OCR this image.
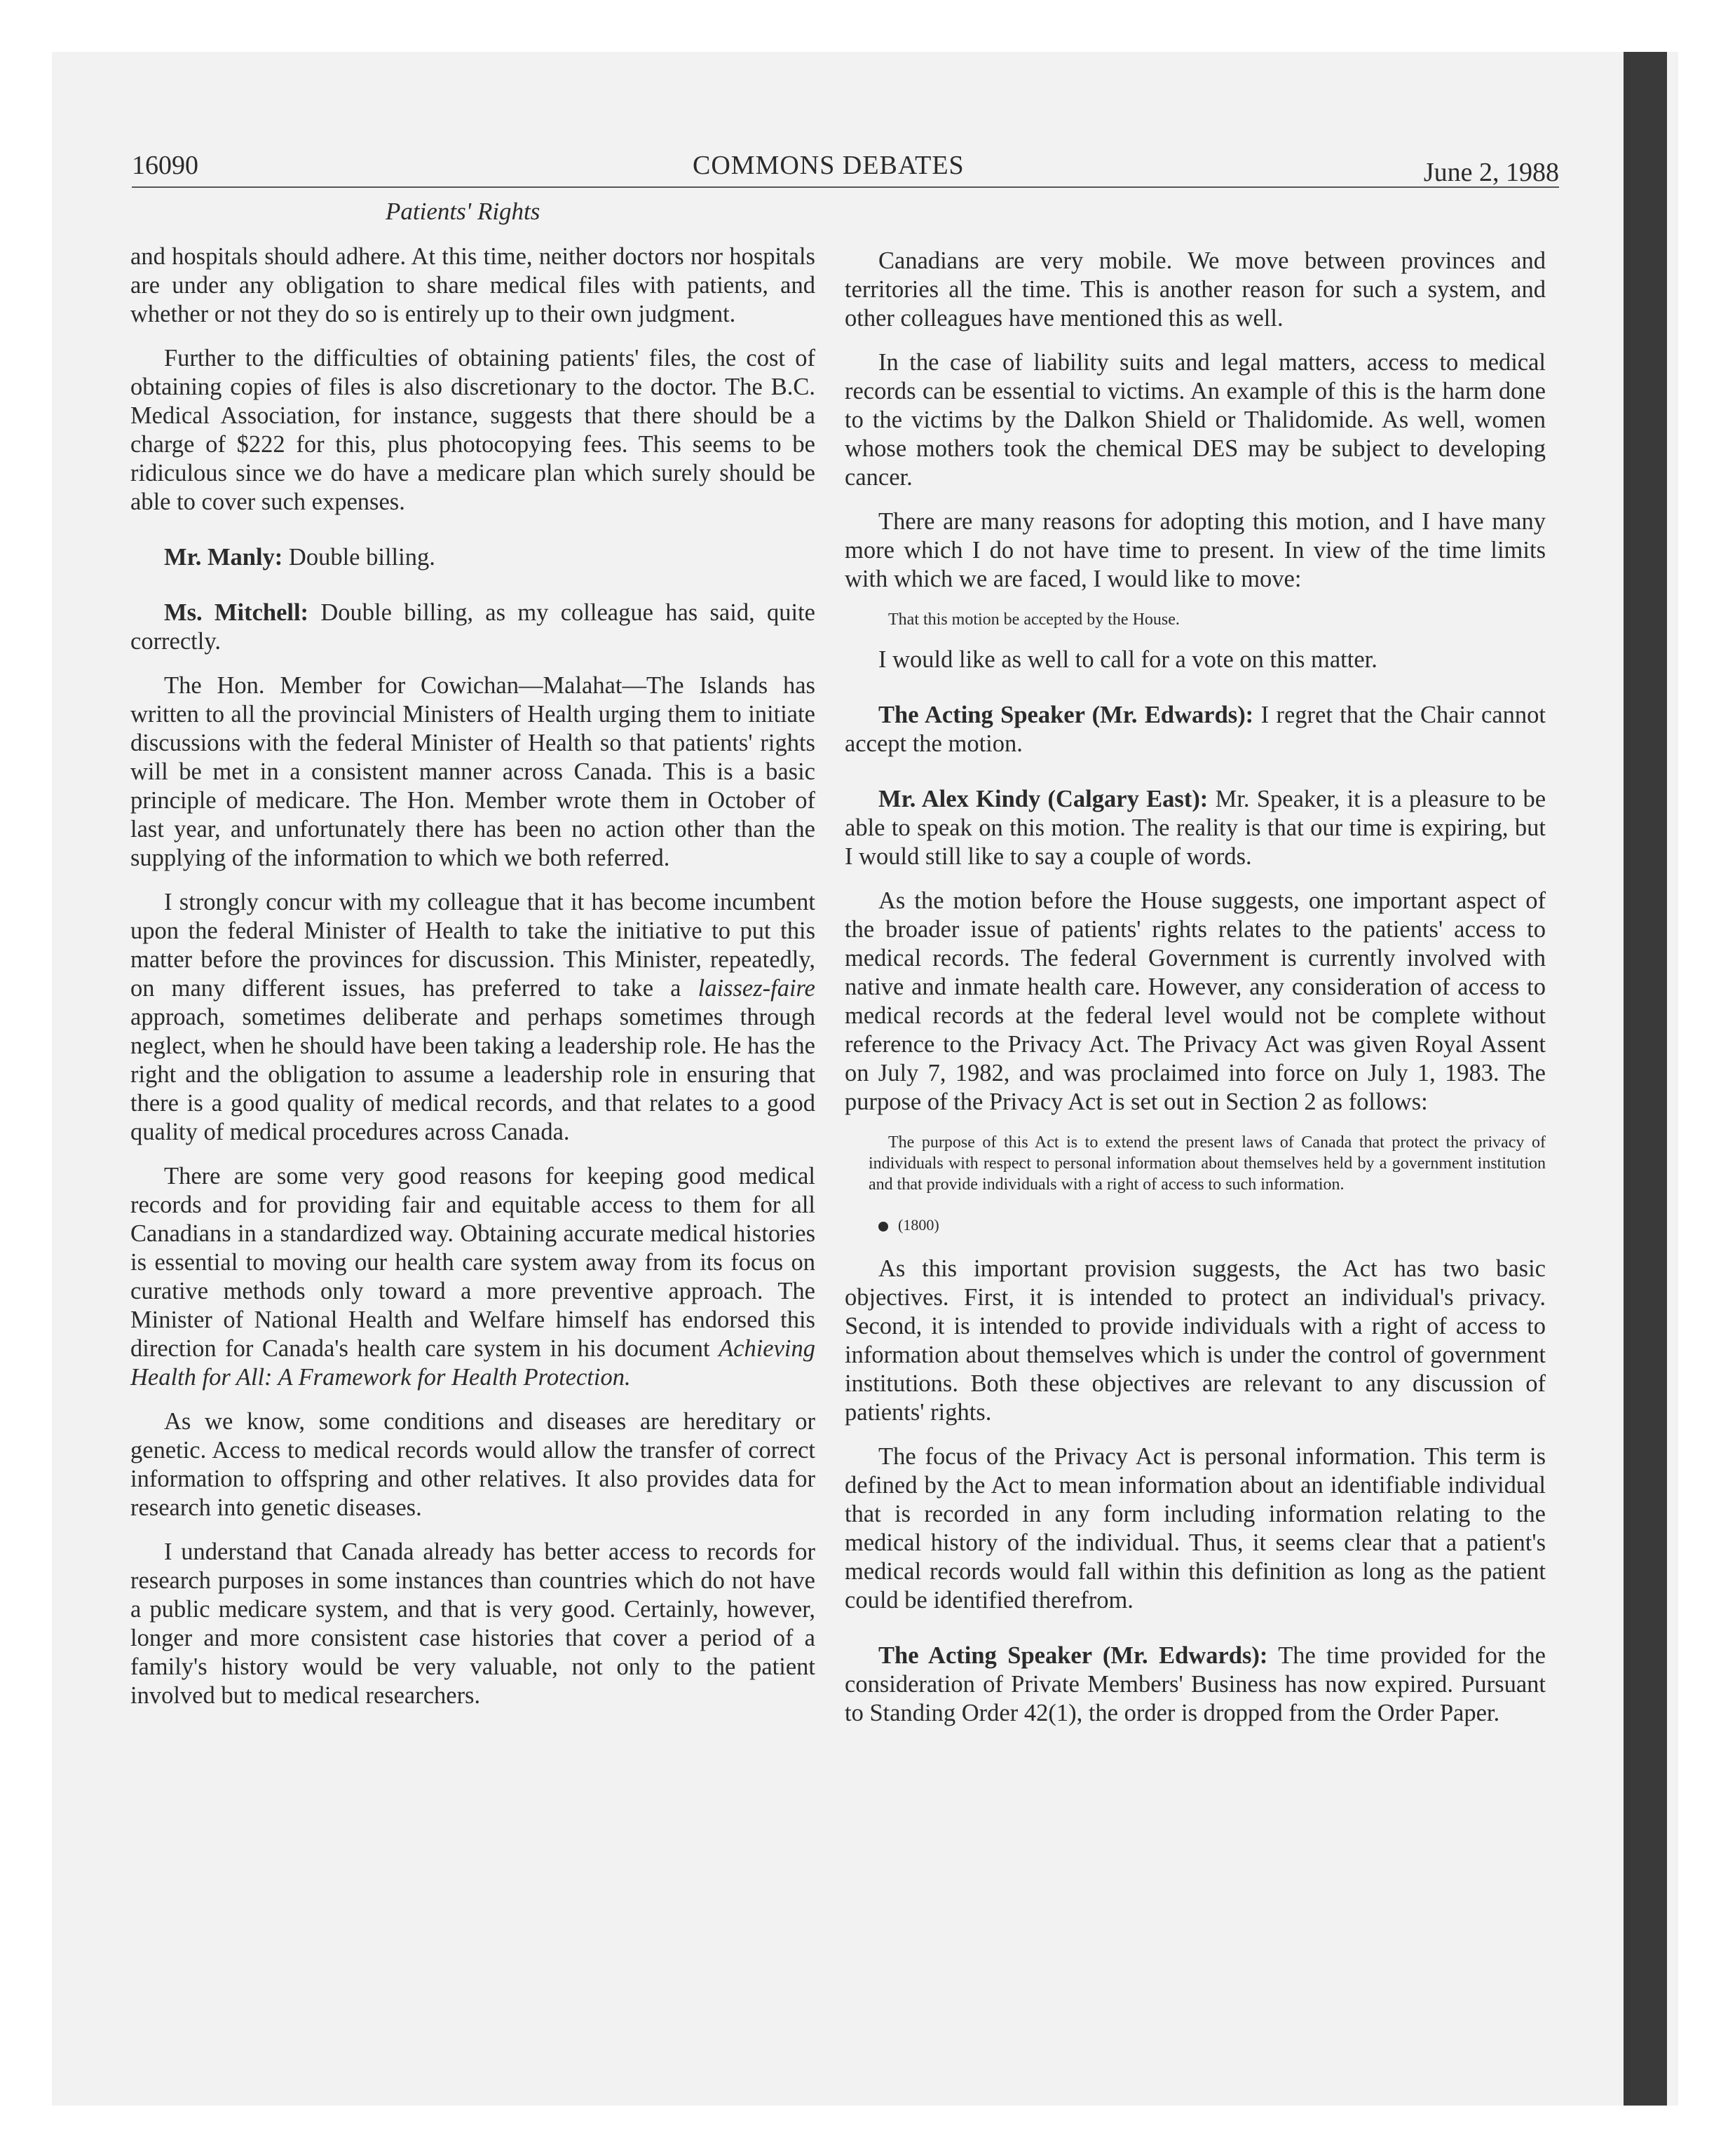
16090	COMMONS DEBATES	June 2, 1988
Patients' Rights

and hospitals should adhere. At this time, neither doctors nor hospitals are under any obligation to share medical files with patients, and whether or not they do so is entirely up to their own judgment.

Further to the difficulties of obtaining patients' files, the cost of obtaining copies of files is also discretionary to the doctor. The B.C. Medical Association, for instance, suggests that there should be a charge of $222 for this, plus photocopying fees. This seems to be ridiculous since we do have a medicare plan which surely should be able to cover such expenses.

Mr. Manly: Double billing.

Ms. Mitchell: Double billing, as my colleague has said, quite correctly.

The Hon. Member for Cowichan—Malahat—The Islands has written to all the provincial Ministers of Health urging them to initiate discussions with the federal Minister of Health so that patients' rights will be met in a consistent manner across Canada. This is a basic principle of medicare. The Hon. Member wrote them in October of last year, and unfortunately there has been no action other than the supplying of the information to which we both referred.

I strongly concur with my colleague that it has become incumbent upon the federal Minister of Health to take the initiative to put this matter before the provinces for discussion. This Minister, repeatedly, on many different issues, has preferred to take a laissez-faire approach, sometimes deliberate and perhaps sometimes through neglect, when he should have been taking a leadership role. He has the right and the obligation to assume a leadership role in ensuring that there is a good quality of medical records, and that relates to a good quality of medical procedures across Canada.

There are some very good reasons for keeping good medical records and for providing fair and equitable access to them for all Canadians in a standardized way. Obtaining accurate medical histories is essential to moving our health care system away from its focus on curative methods only toward a more preventive approach. The Minister of National Health and Welfare himself has endorsed this direction for Canada's health care system in his document Achieving Health for All: A Framework for Health Protection.

As we know, some conditions and diseases are hereditary or genetic. Access to medical records would allow the transfer of correct information to offspring and other relatives. It also provides data for research into genetic diseases.

I understand that Canada already has better access to records for research purposes in some instances than countries which do not have a public medicare system, and that is very good. Certainly, however, longer and more consistent case histories that cover a period of a family's history would be very valuable, not only to the patient involved but to medical researchers.

Canadians are very mobile. We move between provinces and territories all the time. This is another reason for such a system, and other colleagues have mentioned this as well.

In the case of liability suits and legal matters, access to medical records can be essential to victims. An example of this is the harm done to the victims by the Dalkon Shield or Thalidomide. As well, women whose mothers took the chemical DES may be subject to developing cancer.

There are many reasons for adopting this motion, and I have many more which I do not have time to present. In view of the time limits with which we are faced, I would like to move:

That this motion be accepted by the House.

I would like as well to call for a vote on this matter.

The Acting Speaker (Mr. Edwards): I regret that the Chair cannot accept the motion.

Mr. Alex Kindy (Calgary East): Mr. Speaker, it is a pleasure to be able to speak on this motion. The reality is that our time is expiring, but I would still like to say a couple of words.

As the motion before the House suggests, one important aspect of the broader issue of patients' rights relates to the patients' access to medical records. The federal Government is currently involved with native and inmate health care. However, any consideration of access to medical records at the federal level would not be complete without reference to the Privacy Act. The Privacy Act was given Royal Assent on July 7, 1982, and was proclaimed into force on July 1, 1983. The purpose of the Privacy Act is set out in Section 2 as follows:

The purpose of this Act is to extend the present laws of Canada that protect the privacy of individuals with respect to personal information about themselves held by a government institution and that provide individuals with a right of access to such information.

(1800)

As this important provision suggests, the Act has two basic objectives. First, it is intended to protect an individual's privacy. Second, it is intended to provide individuals with a right of access to information about themselves which is under the control of government institutions. Both these objectives are relevant to any discussion of patients' rights.

The focus of the Privacy Act is personal information. This term is defined by the Act to mean information about an identifiable individual that is recorded in any form including information relating to the medical history of the individual. Thus, it seems clear that a patient's medical records would fall within this definition as long as the patient could be identified therefrom.

The Acting Speaker (Mr. Edwards): The time provided for the consideration of Private Members' Business has now expired. Pursuant to Standing Order 42(1), the order is dropped from the Order Paper.
